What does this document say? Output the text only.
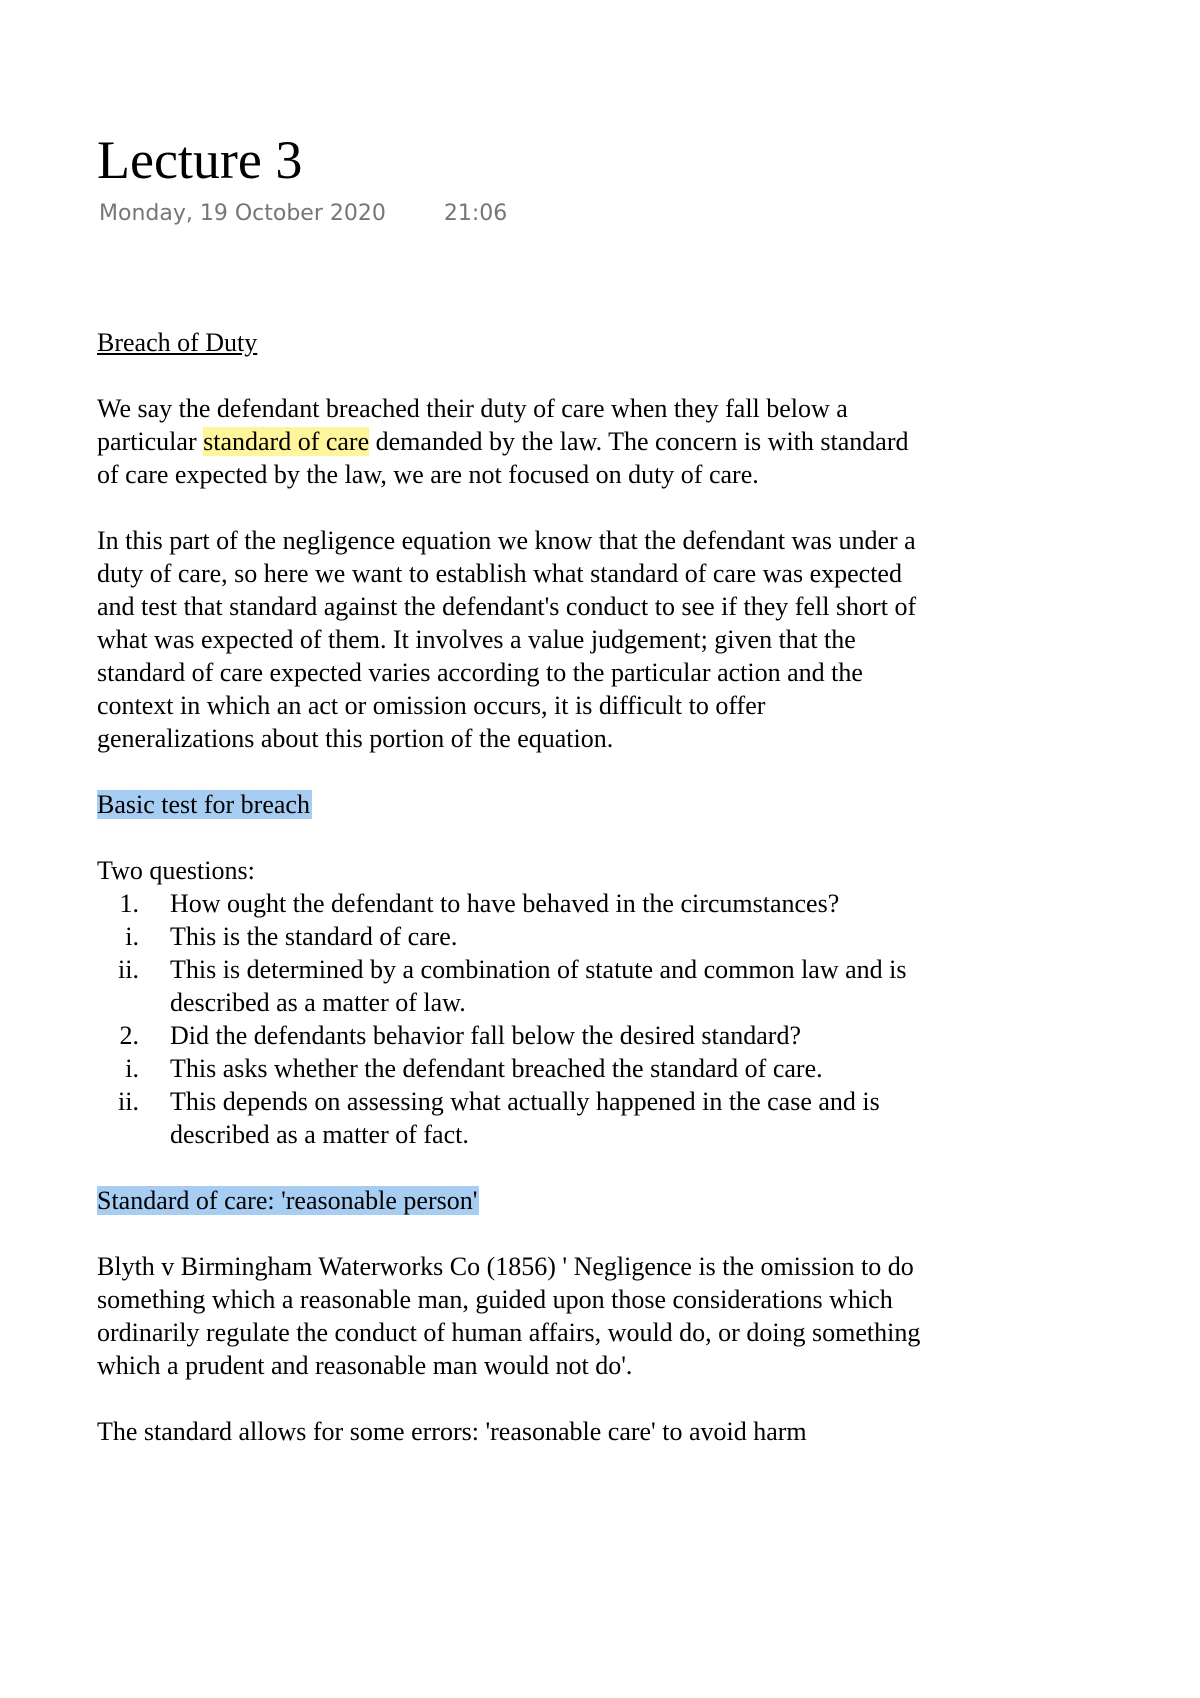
Lecture 3
Monday, 19 October 2020	21:06

Breach of Duty

We say the defendant breached their duty of care when they fall below a particular standard of care demanded by the law. The concern is with standard of care expected by the law, we are not focused on duty of care.

In this part of the negligence equation we know that the defendant was under a duty of care, so here we want to establish what standard of care was expected and test that standard against the defendant's conduct to see if they fell short of what was expected of them. It involves a value judgement; given that the standard of care expected varies according to the particular action and the context in which an act or omission occurs, it is difficult to offer generalizations about this portion of the equation.

Basic test for breach

Two questions:

1. How ought the defendant to have behaved in the circumstances?
i. This is the standard of care.
ii. This is determined by a combination of statute and common law and is described as a matter of law.
2. Did the defendants behavior fall below the desired standard?
i. This asks whether the defendant breached the standard of care.
ii. This depends on assessing what actually happened in the case and is described as a matter of fact.

Standard of care: 'reasonable person'

Blyth v Birmingham Waterworks Co (1856) ' Negligence is the omission to do something which a reasonable man, guided upon those considerations which ordinarily regulate the conduct of human affairs, would do, or doing something which a prudent and reasonable man would not do'.

The standard allows for some errors: 'reasonable care' to avoid harm
